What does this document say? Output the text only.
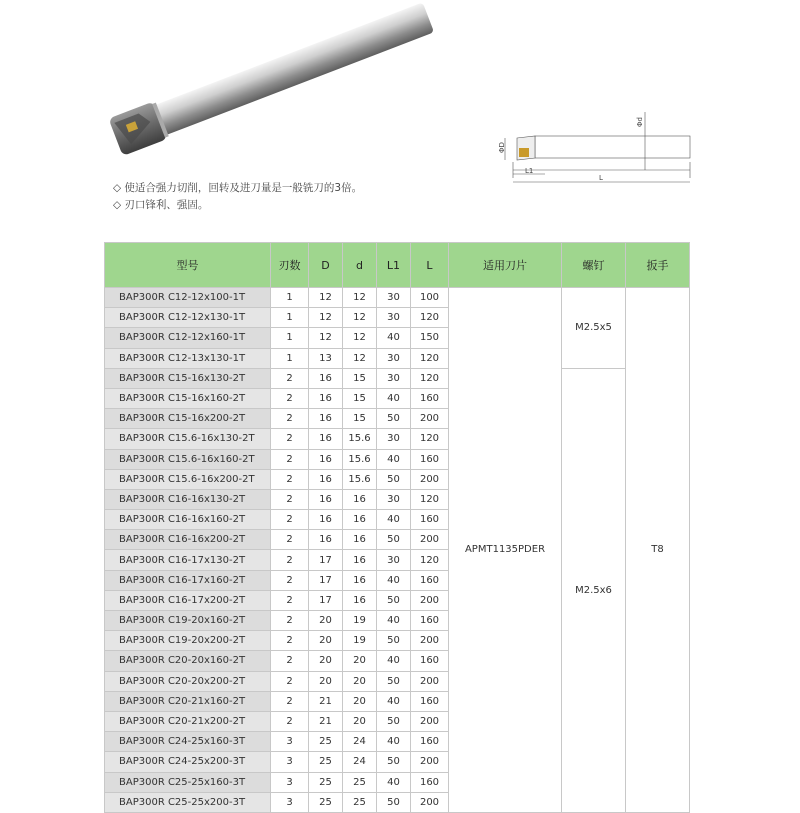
ΦD
Φd
L1
L
◇ 使适合强力切削，回转及进刀量是一般铣刀的3倍。
◇ 刃口锋利、强固。
型号	刃数	D	d	L1	L	适用刀片	螺钉	扳手
BAP300R C12-12x100-1T	1	12	12	30	100	APMT1135PDER	M2.5x5	T8
BAP300R C12-12x130-1T	1	12	12	30	120			
BAP300R C12-12x160-1T	1	12	12	40	150			
BAP300R C12-13x130-1T	1	13	12	30	120			
BAP300R C15-16x130-2T	2	16	15	30	120		M2.5x6	
BAP300R C15-16x160-2T	2	16	15	40	160			
BAP300R C15-16x200-2T	2	16	15	50	200			
BAP300R C15.6-16x130-2T	2	16	15.6	30	120			
BAP300R C15.6-16x160-2T	2	16	15.6	40	160			
BAP300R C15.6-16x200-2T	2	16	15.6	50	200			
BAP300R C16-16x130-2T	2	16	16	30	120			
BAP300R C16-16x160-2T	2	16	16	40	160			
BAP300R C16-16x200-2T	2	16	16	50	200			
BAP300R C16-17x130-2T	2	17	16	30	120			
BAP300R C16-17x160-2T	2	17	16	40	160			
BAP300R C16-17x200-2T	2	17	16	50	200			
BAP300R C19-20x160-2T	2	20	19	40	160			
BAP300R C19-20x200-2T	2	20	19	50	200			
BAP300R C20-20x160-2T	2	20	20	40	160			
BAP300R C20-20x200-2T	2	20	20	50	200			
BAP300R C20-21x160-2T	2	21	20	40	160			
BAP300R C20-21x200-2T	2	21	20	50	200			
BAP300R C24-25x160-3T	3	25	24	40	160			
BAP300R C24-25x200-3T	3	25	24	50	200			
BAP300R C25-25x160-3T	3	25	25	40	160			
BAP300R C25-25x200-3T	3	25	25	50	200			
